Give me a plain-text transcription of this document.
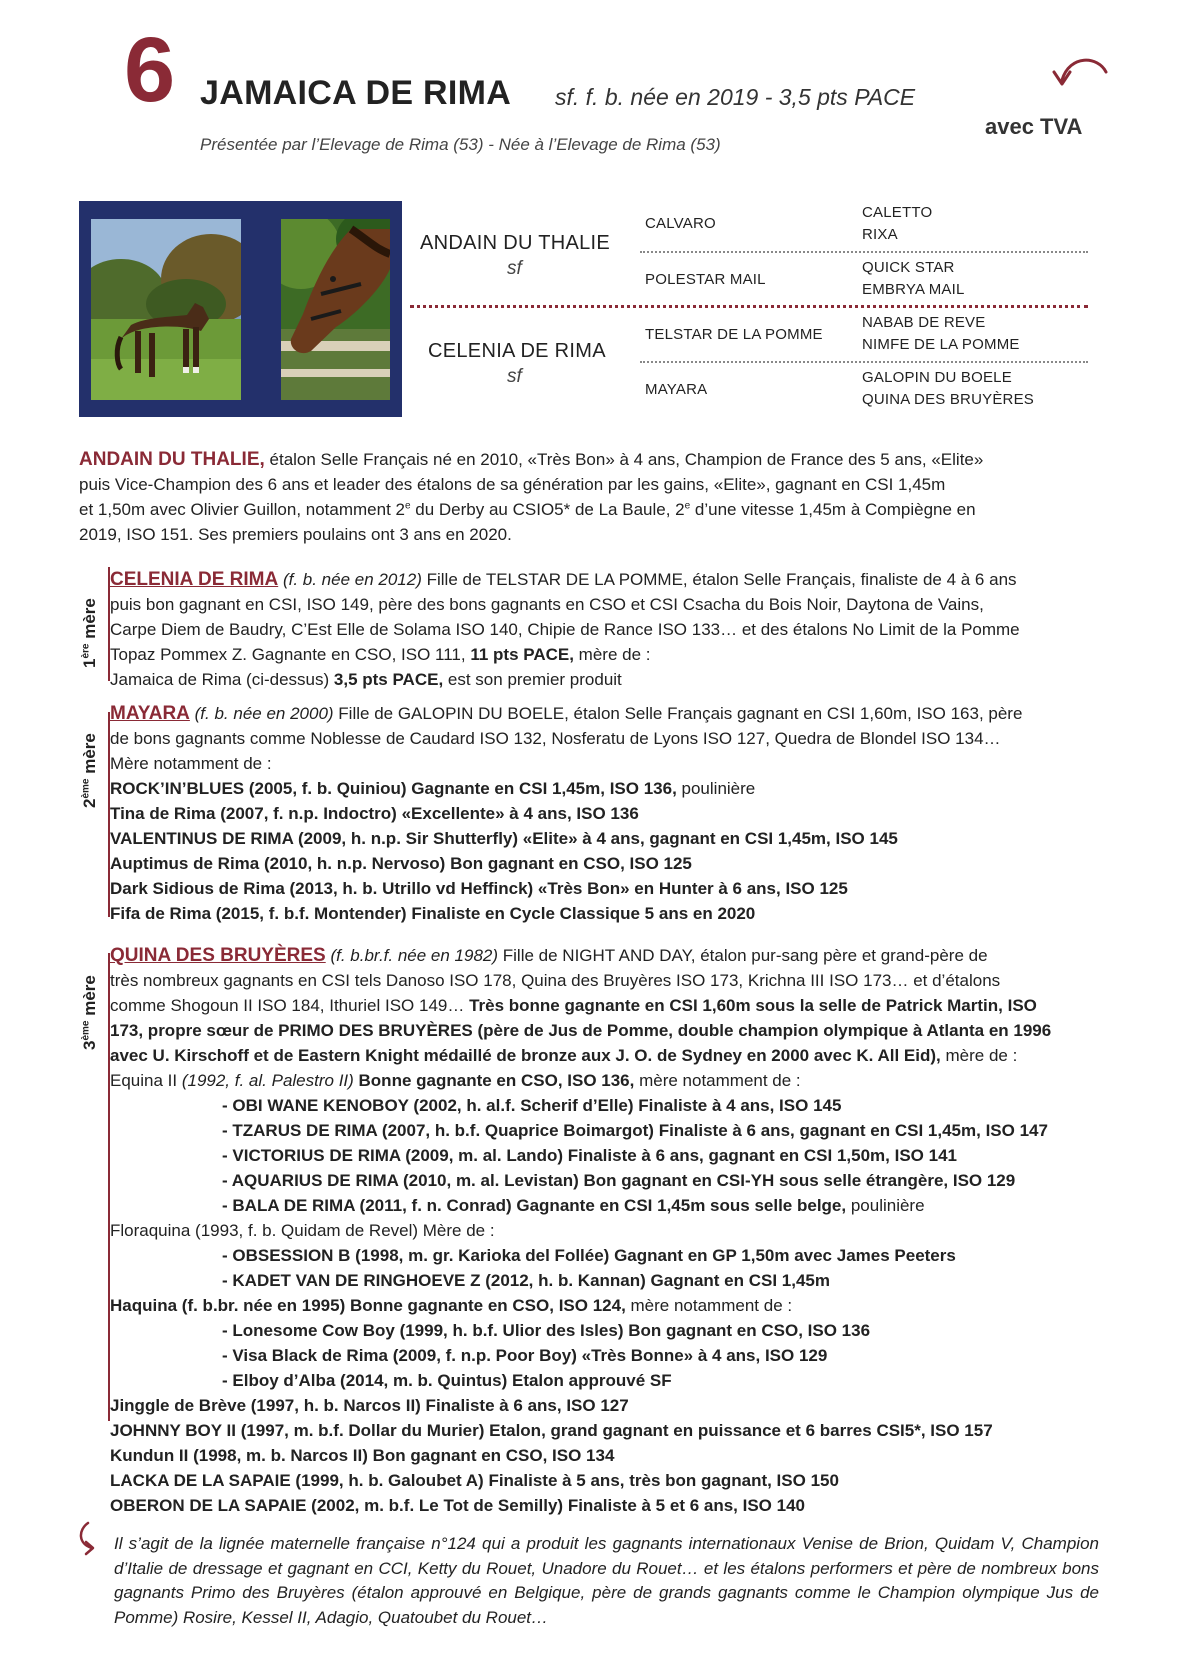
6 JAMAICA DE RIMA sf. f. b. née en 2019 - 3,5 pts PACE
Présentée par l’Elevage de Rima (53) - Née à l’Elevage de Rima (53)
avec TVA
ANDAIN DU THALIE
sf
CELENIA DE RIMA
sf
CALVARO
POLESTAR MAIL
TELSTAR DE LA POMME
MAYARA
CALETTO
RIXA
QUICK STAR
EMBRYA MAIL
NABAB DE REVE
NIMFE DE LA POMME
GALOPIN DU BOELE
QUINA DES BRUYÈRES
ANDAIN DU THALIE, étalon Selle Français né en 2010, «Très Bon» à 4 ans, Champion de France des 5 ans, «Elite»
puis Vice-Champion des 6 ans et leader des étalons de sa génération par les gains, «Elite», gagnant en CSI 1,45m
et 1,50m avec Olivier Guillon, notamment 2e du Derby au CSIO5* de La Baule, 2e d’une vitesse 1,45m à Compiègne en
2019, ISO 151. Ses premiers poulains ont 3 ans en 2020.
1ère mère
CELENIA DE RIMA (f. b. née en 2012) Fille de TELSTAR DE LA POMME, étalon Selle Français, finaliste de 4 à 6 ans
puis bon gagnant en CSI, ISO 149, père des bons gagnants en CSO et CSI Csacha du Bois Noir, Daytona de Vains,
Carpe Diem de Baudry, C’Est Elle de Solama ISO 140, Chipie de Rance ISO 133… et des étalons No Limit de la Pomme
Topaz Pommex Z. Gagnante en CSO, ISO 111, 11 pts PACE, mère de :
Jamaica de Rima (ci-dessus) 3,5 pts PACE, est son premier produit
2ème mère
MAYARA (f. b. née en 2000) Fille de GALOPIN DU BOELE, étalon Selle Français gagnant en CSI 1,60m, ISO 163, père
de bons gagnants comme Noblesse de Caudard ISO 132, Nosferatu de Lyons ISO 127, Quedra de Blondel ISO 134…
Mère notamment de :
ROCK’IN’BLUES (2005, f. b. Quiniou) Gagnante en CSI 1,45m, ISO 136, poulinière
Tina de Rima (2007, f. n.p. Indoctro) «Excellente» à 4 ans, ISO 136
VALENTINUS DE RIMA (2009, h. n.p. Sir Shutterfly) «Elite» à 4 ans, gagnant en CSI 1,45m, ISO 145
Auptimus de Rima (2010, h. n.p. Nervoso) Bon gagnant en CSO, ISO 125
Dark Sidious de Rima (2013, h. b. Utrillo vd Heffinck) «Très Bon» en Hunter à 6 ans, ISO 125
Fifa de Rima (2015, f. b.f. Montender) Finaliste en Cycle Classique 5 ans en 2020
3ème mère
QUINA DES BRUYÈRES (f. b.br.f. née en 1982) Fille de NIGHT AND DAY, étalon pur-sang père et grand-père de
très nombreux gagnants en CSI tels Danoso ISO 178, Quina des Bruyères ISO 173, Krichna III ISO 173… et d’étalons
comme Shogoun II ISO 184, Ithuriel ISO 149… Très bonne gagnante en CSI 1,60m sous la selle de Patrick Martin, ISO
173, propre sœur de PRIMO DES BRUYÈRES (père de Jus de Pomme, double champion olympique à Atlanta en 1996
avec U. Kirschoff et de Eastern Knight médaillé de bronze aux J. O. de Sydney en 2000 avec K. All Eid), mère de :
Equina II (1992, f. al. Palestro II) Bonne gagnante en CSO, ISO 136, mère notamment de :
- OBI WANE KENOBOY (2002, h. al.f. Scherif d’Elle) Finaliste à 4 ans, ISO 145
- TZARUS DE RIMA (2007, h. b.f. Quaprice Boimargot) Finaliste à 6 ans, gagnant en CSI 1,45m, ISO 147
- VICTORIUS DE RIMA (2009, m. al. Lando) Finaliste à 6 ans, gagnant en CSI 1,50m, ISO 141
- AQUARIUS DE RIMA (2010, m. al. Levistan) Bon gagnant en CSI-YH sous selle étrangère, ISO 129
- BALA DE RIMA (2011, f. n. Conrad) Gagnante en CSI 1,45m sous selle belge, poulinière
Floraquina (1993, f. b. Quidam de Revel) Mère de :
- OBSESSION B (1998, m. gr. Karioka del Follée) Gagnant en GP 1,50m avec James Peeters
- KADET VAN DE RINGHOEVE Z (2012, h. b. Kannan) Gagnant en CSI 1,45m
Haquina (f. b.br. née en 1995) Bonne gagnante en CSO, ISO 124, mère notamment de :
- Lonesome Cow Boy (1999, h. b.f. Ulior des Isles) Bon gagnant en CSO, ISO 136
- Visa Black de Rima (2009, f. n.p. Poor Boy) «Très Bonne» à 4 ans, ISO 129
- Elboy d’Alba (2014, m. b. Quintus) Etalon approuvé SF
Jinggle de Brève (1997, h. b. Narcos II) Finaliste à 6 ans, ISO 127
JOHNNY BOY II (1997, m. b.f. Dollar du Murier) Etalon, grand gagnant en puissance et 6 barres CSI5*, ISO 157
Kundun II (1998, m. b. Narcos II) Bon gagnant en CSO, ISO 134
LACKA DE LA SAPAIE (1999, h. b. Galoubet A) Finaliste à 5 ans, très bon gagnant, ISO 150
OBERON DE LA SAPAIE (2002, m. b.f. Le Tot de Semilly) Finaliste à 5 et 6 ans, ISO 140
Il s’agit de la lignée maternelle française n°124 qui a produit les gagnants internationaux Venise de Brion, Quidam V, Champion d’Italie de dressage et gagnant en CCI, Ketty du Rouet, Unadore du Rouet… et les étalons performers et père de nombreux bons gagnants Primo des Bruyères (étalon approuvé en Belgique, père de grands gagnants comme le Champion olympique Jus de Pomme) Rosire, Kessel II, Adagio, Quatoubet du Rouet…
